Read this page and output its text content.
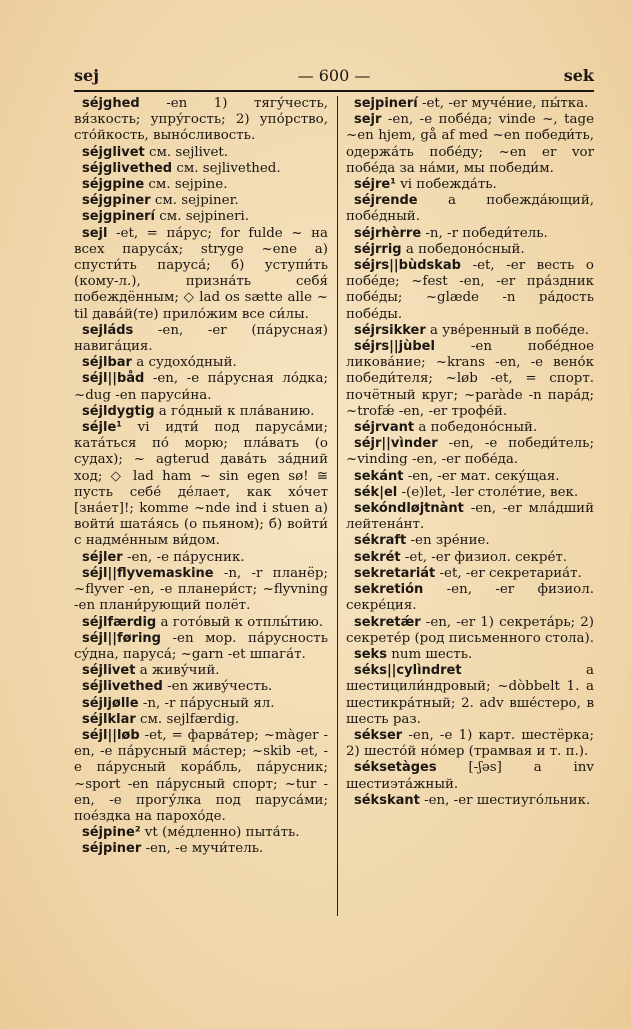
sej	— 600 —	sek
séjghed -en 1) тягу́честь, вя́зкость; упру́гость; 2) упо́рство, сто́йкость, выно́сливость.
séjglivet см. sejlivet.
séjglivethed см. sejlivethed.
séjgpine см. sejpine.
séjgpiner см. sejpiner.
sejgpinerí см. sejpineri.
sejl -et, = па́рус; for fulde ~ на всех паруса́х; stryge ~ene а) спусти́ть паруса́; б) уступи́ть (кому-л.), призна́ть себя́ побеждённым; ◇ lad os sætte alle ~ til дава́й(те) прило́жим все си́лы.
sejláds -en, -er (па́русная) навига́ция.
séjlbar a судохо́дный.
séjl||båd -en, -e па́русная ло́дка; ~dug -en паруси́на.
séjldygtig a го́дный к пла́ванию.
séjle¹ vi идти́ под паруса́ми; ката́ться по́ морю; пла́вать (о судах); ~ agterud дава́ть за́дний ход; ◇ lad ham ~ sin egen sø! ≅ пусть себе́ де́лает, как хо́чет [зна́ет]!; komme ~nde ind i stuen а) войти́ шата́ясь (о пьяном); б) войти́ с надме́нным ви́дом.
séjler -en, -e па́русник.
séjl||flyvemaskine -n, -r планёр; ~flyver -en, -e планери́ст; ~flyvning -en плани́рующий полёт.
séjlfærdig a гото́вый к отплы́тию.
séjl||føring -en мор. па́русность су́дна, паруса́; ~garn -et шпага́т.
séjlivet a живу́чий.
séjlivethed -en живу́честь.
séjljølle -n, -r па́русный ял.
séjlklar см. sejlfærdig.
séjl||løb -et, = фарва́тер; ~màger -en, -e па́русный ма́стер; ~skib -et, -e па́русный кора́бль, па́русник; ~sport -en па́русный спорт; ~tur -en, -e прогу́лка под паруса́ми; пое́здка на парохо́де.
séjpine² vt (ме́дленно) пыта́ть.
séjpiner -en, -e мучи́тель.
sejpinerí -et, -er муче́ние, пы́тка.
sejr -en, -e побе́да; vinde ~, tage ~en hjem, gå af med ~en победи́ть, одержа́ть побе́ду; ~en er vor побе́да за на́ми, мы победи́м.
séjre¹ vi побежда́ть.
séjrende a побежда́ющий, побе́дный.
séjrhèrre -n, -r победи́тель.
séjrrig a победоно́сный.
séjrs||bùdskab -et, -er весть о побе́де; ~fest -en, -er пра́здник побе́ды; ~glæde -n ра́дость побе́ды.
séjrsikker a уве́ренный в побе́де.
séjrs||jùbel -en побе́дное ликова́ние; ~krans -en, -e вено́к победи́теля; ~løb -et, = спорт. почётный круг; ~paràde -n пара́д; ~trofǽ -en, -er трофе́й.
séjrvant a победоно́сный.
séjr||vìnder -en, -e победи́тель; ~vinding -en, -er побе́да.
sekánt -en, -er мат. секу́щая.
sék|el -(e)let, -ler столе́тие, век.
sekóndløjtnànt -en, -er мла́дший лейтена́нт.
sékraft -en зре́ние.
sekrét -et, -er физиол. секре́т.
sekretariát -et, -er секретариа́т.
sekretión -en, -er физиол. секре́ция.
sekretǽr -en, -er 1) секрета́рь; 2) секрете́р (род письменного стола).
seks num шесть.
séks||cylìndret a шестицили́ндровый; ~dòbbelt 1. a шестикра́тный; 2. adv вше́стеро, в шесть раз.
sékser -en, -e 1) карт. шестёрка; 2) шесто́й но́мер (трамвая и т. п.).
séksetàges [-ʃəs] a inv шестиэта́жный.
sékskant -en, -er шестиуго́льник.
